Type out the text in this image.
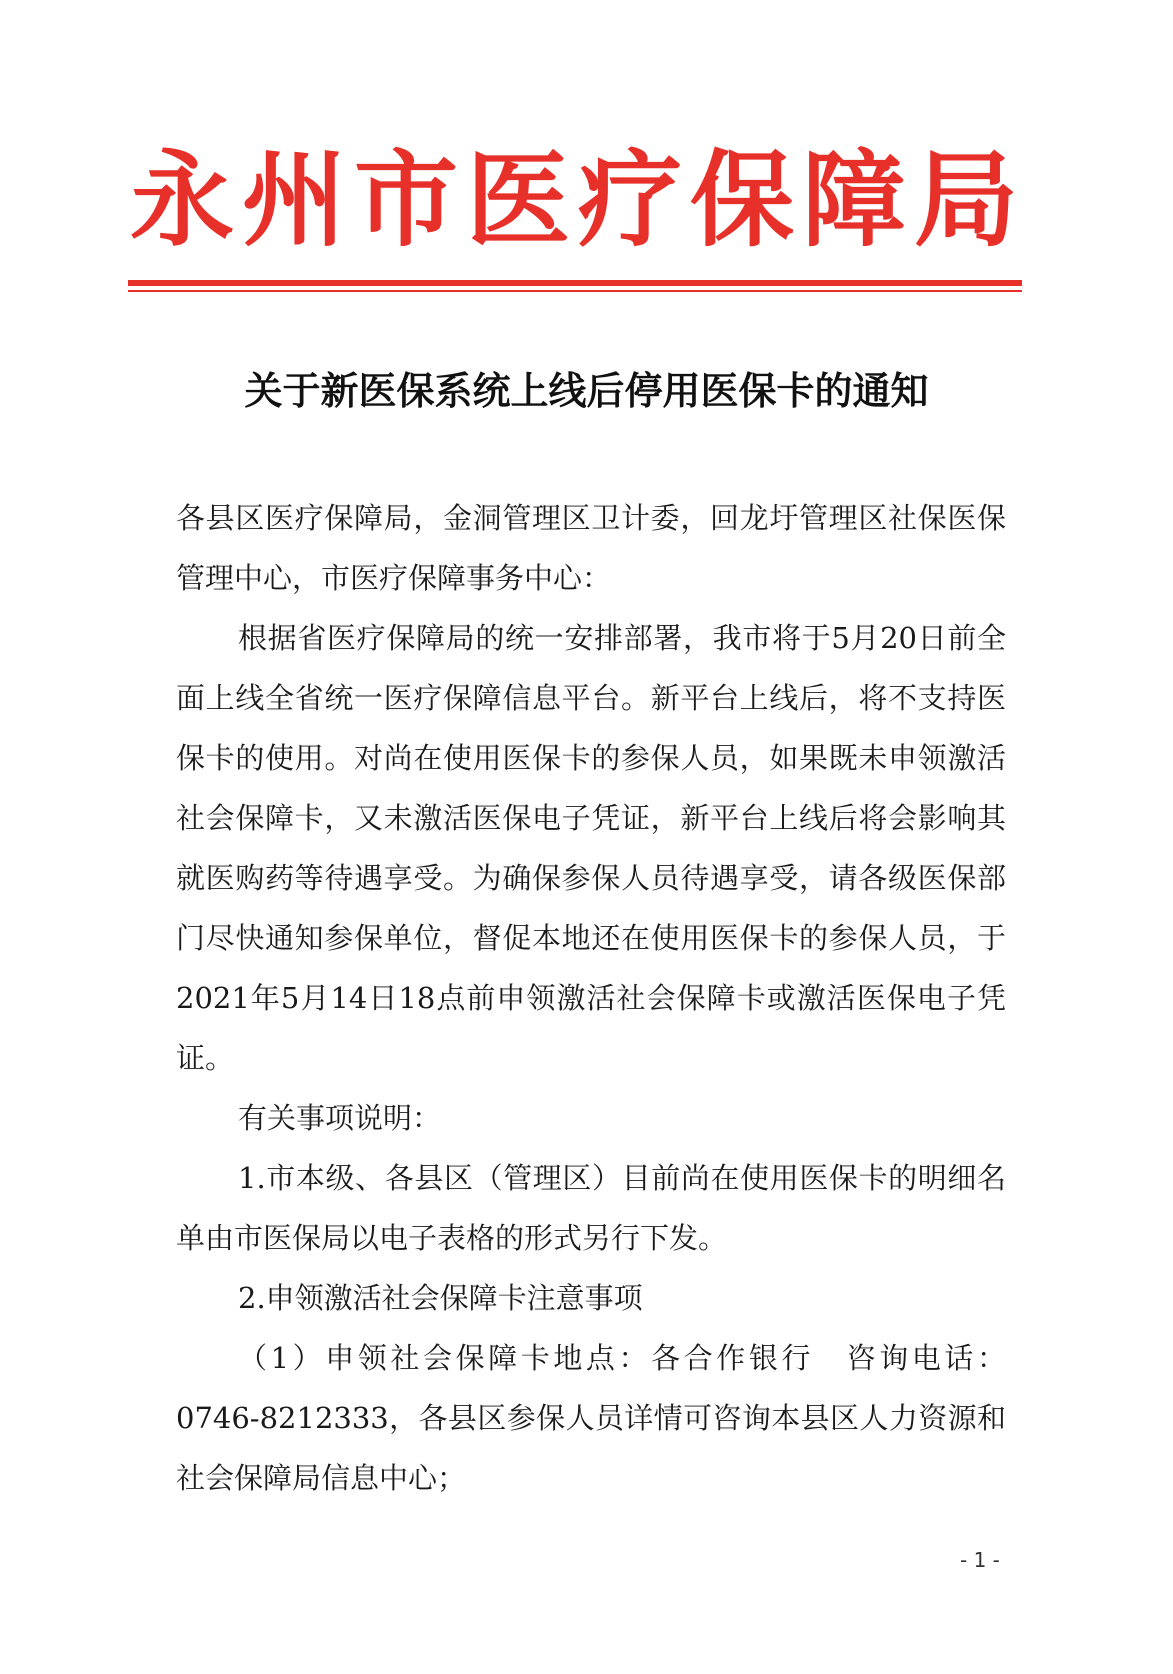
永州市医疗保障局
关于新医保系统上线后停用医保卡的通知

各县区医疗保障局，金洞管理区卫计委，回龙圩管理区社保医保管理中心，市医疗保障事务中心：

根据省医疗保障局的统一安排部署，我市将于5月20日前全面上线全省统一医疗保障信息平台。新平台上线后，将不支持医保卡的使用。对尚在使用医保卡的参保人员，如果既未申领激活社会保障卡，又未激活医保电子凭证，新平台上线后将会影响其就医购药等待遇享受。为确保参保人员待遇享受，请各级医保部门尽快通知参保单位，督促本地还在使用医保卡的参保人员，于2021年5月14日18点前申领激活社会保障卡或激活医保电子凭证。

有关事项说明：

1.市本级、各县区（管理区）目前尚在使用医保卡的明细名单由市医保局以电子表格的形式另行下发。

2.申领激活社会保障卡注意事项

（1）申领社会保障卡地点：各合作银行　咨询电话：0746-8212333，各县区参保人员详情可咨询本县区人力资源和社会保障局信息中心；

- 1 -
